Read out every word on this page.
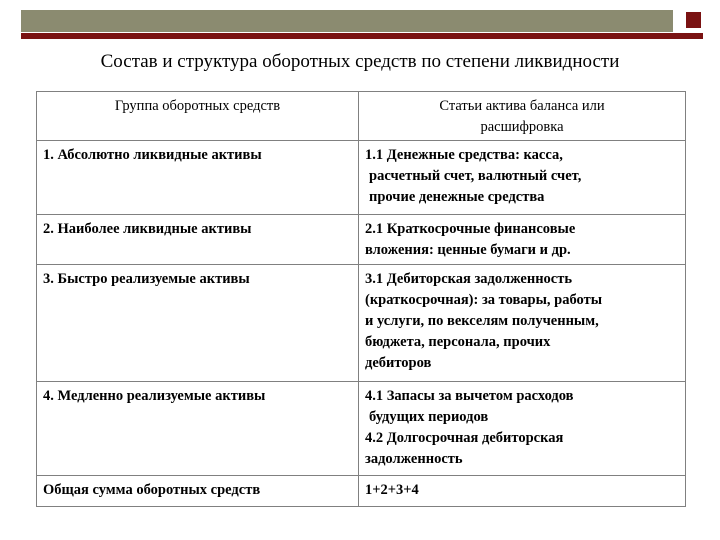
Состав и структура оборотных средств по степени ликвидности
Группа оборотных средств	Статьи актива баланса или
расшифровка

1. Абсолютно ликвидные активы	1.1 Денежные средства: касса,
расчетный счет, валютный счет,
прочие денежные средства

2. Наиболее ликвидные активы	2.1 Краткосрочные финансовые
вложения: ценные бумаги и др.

3. Быстро реализуемые активы	3.1 Дебиторская задолженность
(краткосрочная): за товары, работы
и услуги, по векселям полученным,
бюджета, персонала, прочих
дебиторов

4. Медленно реализуемые активы	4.1 Запасы за вычетом расходов
будущих периодов
4.2 Долгосрочная дебиторская
задолженность

Общая сумма оборотных средств	1+2+3+4
